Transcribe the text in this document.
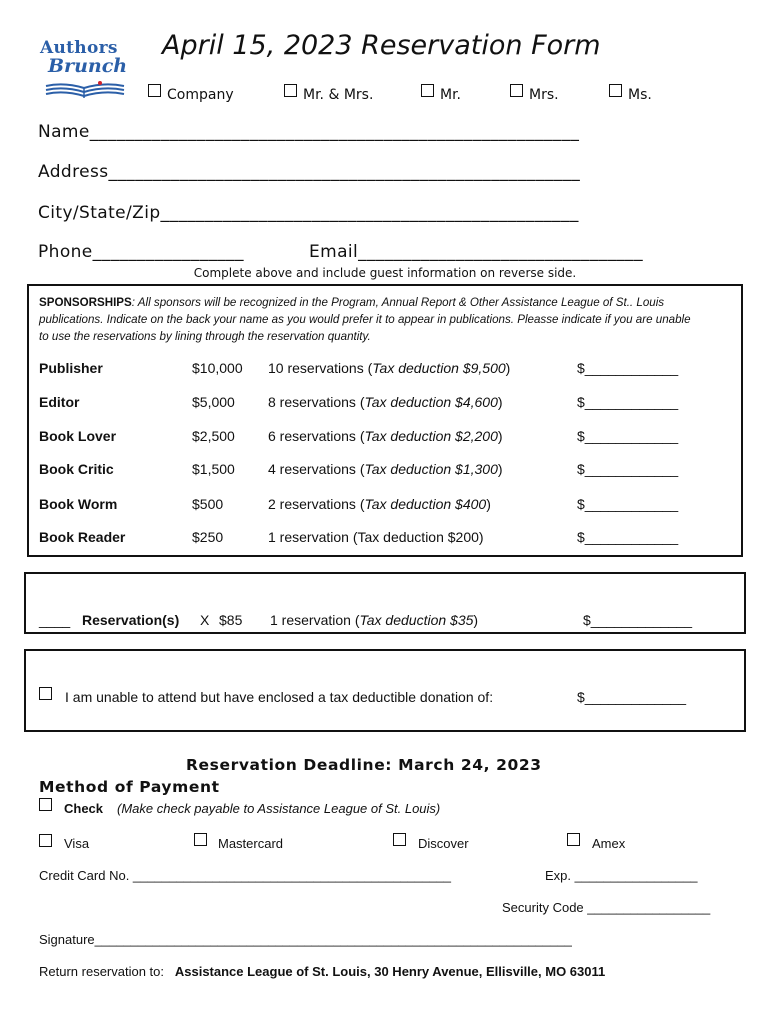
Authors
Brunch
April 15, 2023 Reservation Form
Company	Mr. & Mrs.	Mr.	Mrs.	Ms.
Name_______________________________________________________
Address_____________________________________________________
City/State/Zip_______________________________________________
Phone_________________	Email________________________________
Complete above and include guest information on reverse side.
SPONSORSHIPS: All sponsors will be recognized in the Program, Annual Report & Other Assistance League of St.. Louis publications. Indicate on the back your name as you would prefer it to appear in publications. Pleasse indicate if you are unable to use the reservations by lining through the reservation quantity.
Publisher	$10,000 10 reservations (Tax deduction $9,500)	$____________
Editor	$5,000 8 reservations (Tax deduction $4,600)	$____________
Book Lover	$2,500 6 reservations (Tax deduction $2,200)	$____________
Book Critic	$1,500 4 reservations (Tax deduction $1,300)	$____________
Book Worm	$500	2 reservations (Tax deduction $400)	$____________
Book Reader	$250	1 reservation (Tax deduction $200)	$____________
____ Reservation(s) X $85 1 reservation (Tax deduction $35)	$_____________
I am unable to attend but have enclosed a tax deductible donation of:	$_____________
Reservation Deadline: March 24, 2023
Method of Payment
Check (Make check payable to Assistance League of St. Louis)
Visa	Mastercard	Discover	Amex
Credit Card No. ____________________________________________	Exp. _________________
Security Code _________________
Signature__________________________________________________________________
Return reservation to: Assistance League of St. Louis, 30 Henry Avenue, Ellisville, MO 63011
